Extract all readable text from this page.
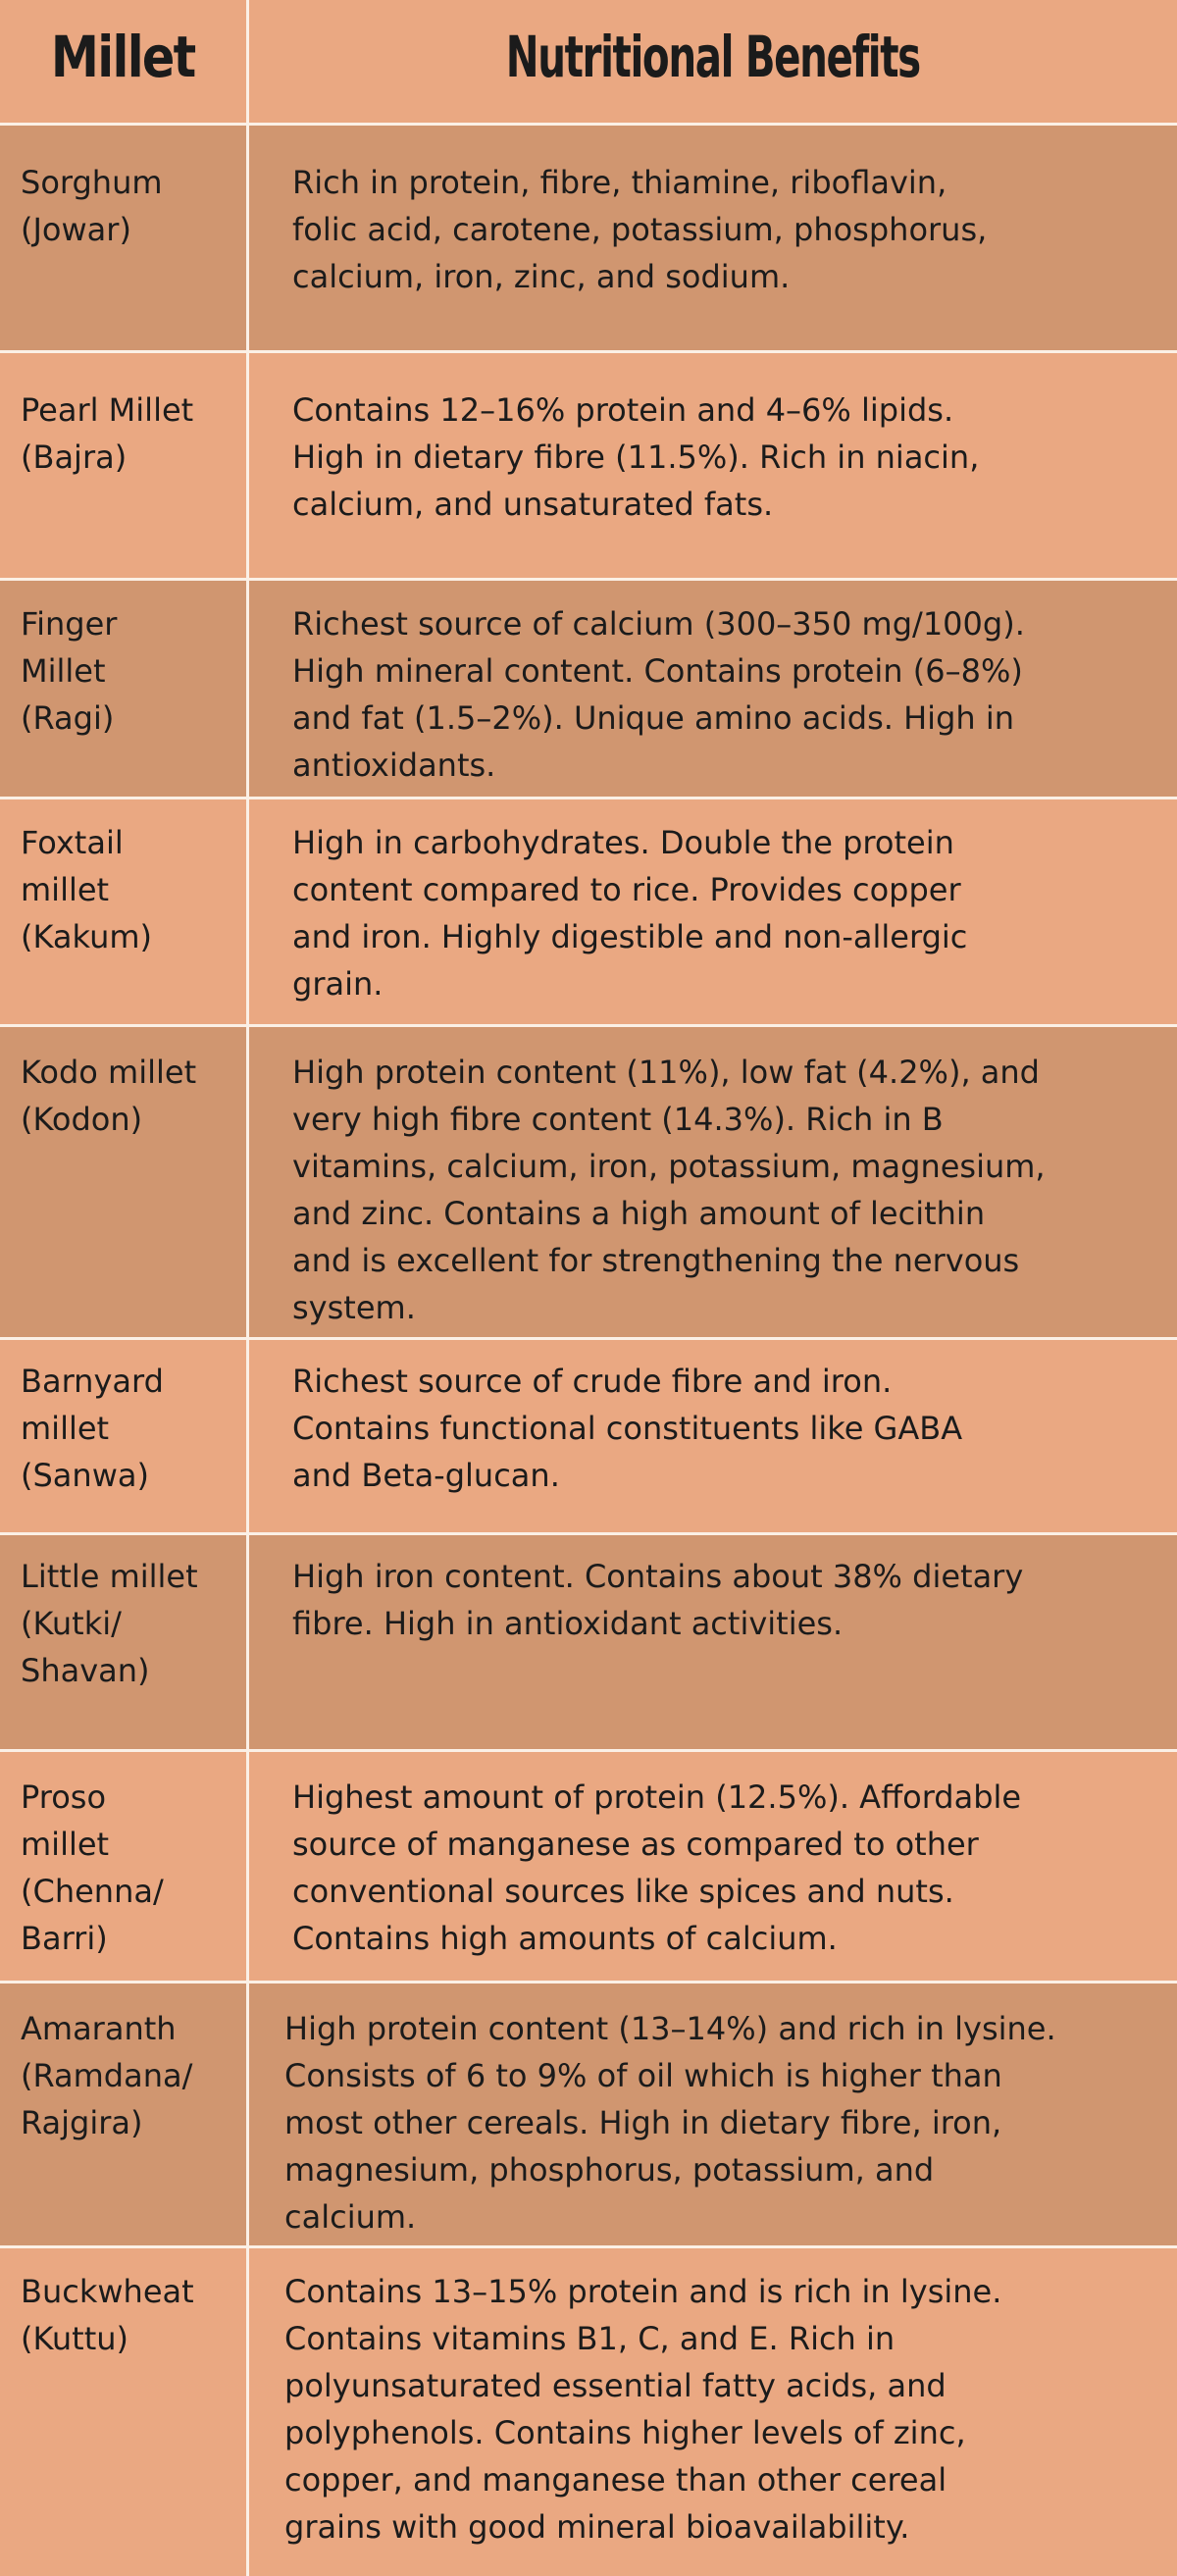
Millet	Nutritional Benefits
Sorghum
(Jowar)
Rich in protein, fibre, thiamine, riboflavin,
folic acid, carotene, potassium, phosphorus,
calcium, iron, zinc, and sodium.
Pearl Millet
(Bajra)
Contains 12–16% protein and 4–6% lipids.
High in dietary fibre (11.5%). Rich in niacin,
calcium, and unsaturated fats.
Finger
Millet
(Ragi)
Richest source of calcium (300–350 mg/100g).
High mineral content. Contains protein (6–8%)
and fat (1.5–2%). Unique amino acids. High in
antioxidants.
Foxtail
millet
(Kakum)
High in carbohydrates. Double the protein
content compared to rice. Provides copper
and iron. Highly digestible and non-allergic
grain.
Kodo millet
(Kodon)
High protein content (11%), low fat (4.2%), and
very high fibre content (14.3%). Rich in B
vitamins, calcium, iron, potassium, magnesium,
and zinc. Contains a high amount of lecithin
and is excellent for strengthening the nervous
system.
Barnyard
millet
(Sanwa)
Richest source of crude fibre and iron.
Contains functional constituents like GABA
and Beta-glucan.
Little millet
(Kutki/
Shavan)
High iron content. Contains about 38% dietary
fibre. High in antioxidant activities.
Proso
millet
(Chenna/
Barri)
Highest amount of protein (12.5%). Affordable
source of manganese as compared to other
conventional sources like spices and nuts.
Contains high amounts of calcium.
Amaranth
(Ramdana/
Rajgira)
High protein content (13–14%) and rich in lysine.
Consists of 6 to 9% of oil which is higher than
most other cereals. High in dietary fibre, iron,
magnesium, phosphorus, potassium, and
calcium.
Buckwheat
(Kuttu)
Contains 13–15% protein and is rich in lysine.
Contains vitamins B1, C, and E. Rich in
polyunsaturated essential fatty acids, and
polyphenols. Contains higher levels of zinc,
copper, and manganese than other cereal
grains with good mineral bioavailability.
